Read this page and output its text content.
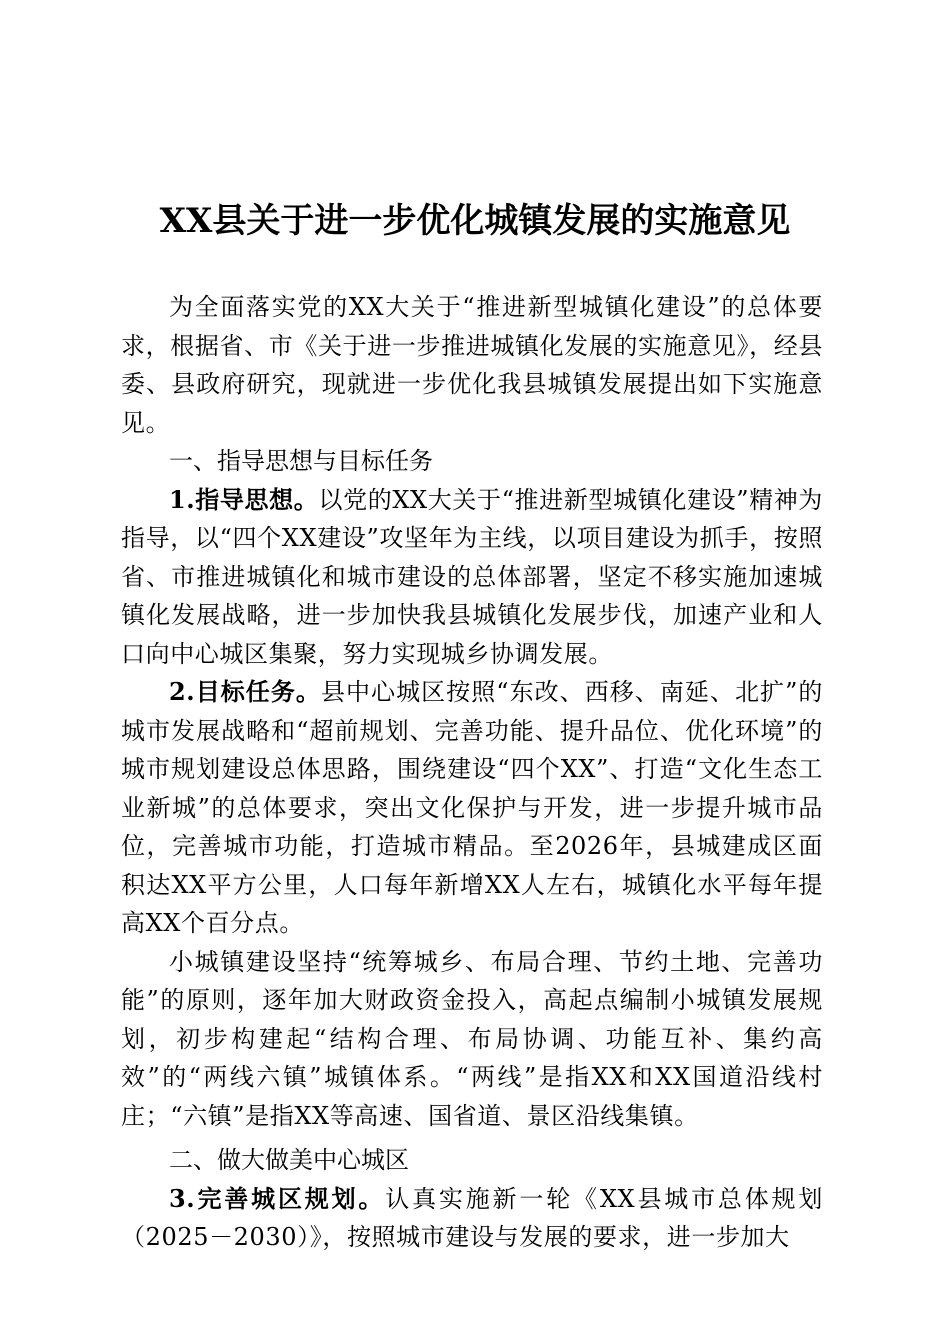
XX县关于进一步优化城镇发展的实施意见

为全面落实党的XX大关于“推进新型城镇化建设”的总体要求，根据省、市《关于进一步推进城镇化发展的实施意见》，经县委、县政府研究，现就进一步优化我县城镇发展提出如下实施意见。

一、指导思想与目标任务

1.指导思想。以党的XX大关于“推进新型城镇化建设”精神为指导，以“四个XX建设”攻坚年为主线，以项目建设为抓手，按照省、市推进城镇化和城市建设的总体部署，坚定不移实施加速城镇化发展战略，进一步加快我县城镇化发展步伐，加速产业和人口向中心城区集聚，努力实现城乡协调发展。

2.目标任务。县中心城区按照“东改、西移、南延、北扩”的城市发展战略和“超前规划、完善功能、提升品位、优化环境”的城市规划建设总体思路，围绕建设“四个XX”、打造“文化生态工业新城”的总体要求，突出文化保护与开发，进一步提升城市品位，完善城市功能，打造城市精品。至2026年，县城建成区面积达XX平方公里，人口每年新增XX人左右，城镇化水平每年提高XX个百分点。

小城镇建设坚持“统筹城乡、布局合理、节约土地、完善功能”的原则，逐年加大财政资金投入，高起点编制小城镇发展规划，初步构建起“结构合理、布局协调、功能互补、集约高效”的“两线六镇”城镇体系。“两线”是指XX和XX国道沿线村庄；“六镇”是指XX等高速、国省道、景区沿线集镇。

二、做大做美中心城区

3.完善城区规划。认真实施新一轮《XX县城市总体规划（2025－2030）》，按照城市建设与发展的要求，进一步加大
